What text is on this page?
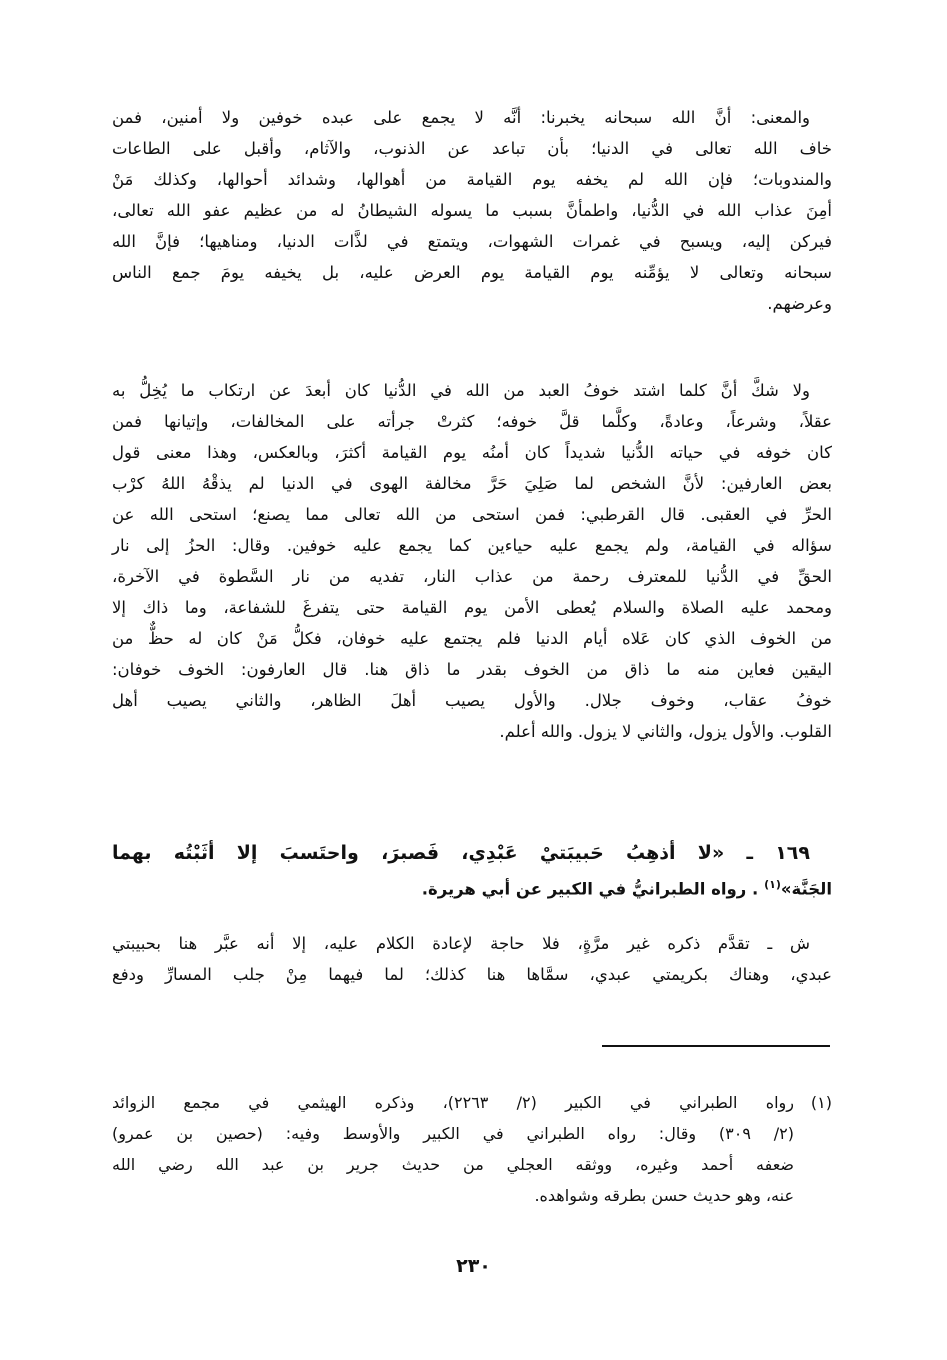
والمعنى: أنَّ الله سبحانه يخبرنا: أنَّه لا يجمع على عبده خوفين ولا أمنين، فمن
خاف الله تعالى في الدنيا؛ بأن تباعد عن الذنوب، والآثام، وأقبل على الطاعات
والمندوبات؛ فإن الله لم يخفه يوم القيامة من أهوالها، وشدائد أحوالها، وكذلك مَنْ
أمِنَ عذاب الله في الدُّنيا، واطمأنَّ بسبب ما يسوله الشيطانُ له من عظيم عفو الله تعالى،
فيركن إليه، ويسبح في غمرات الشهوات، ويتمتع في لذَّات الدنيا، ومناهيها؛ فإنَّ الله
سبحانه وتعالى لا يؤمِّنه يوم القيامة يوم العرض عليه، بل يخيفه يومَ جمع الناس
وعرضهم.
ولا شكَّ أنَّ كلما اشتد خوفُ العبد من الله في الدُّنيا كان أبعدَ عن ارتكاب ما يُخِلُّ به
عقلاً، وشرعاً، وعادةً، وكلَّما قلَّ خوفه؛ كثرتْ جرأته على المخالفات، وإتيانها فمن
كان خوفه في حياته الدُّنيا شديداً كان أمنُه يوم القيامة أكثرَ، وبالعكس، وهذا معنى قول
بعض العارفين: لأنَّ الشخص لما صَلِيَ حَرَّ مخالفة الهوى في الدنيا لم يذقْهُ اللهُ كرْب
الحرِّ في العقبى. قال القرطبي: فمن استحى من الله تعالى مما يصنع؛ استحى الله عن
سؤاله في القيامة، ولم يجمع عليه حياءين كما يجمع عليه خوفين. وقال: الحزُ إلى نار
الحقِّ في الدُّنيا للمعترف رحمة من عذاب النار، تفديه من نار السَّطوة في الآخرة،
ومحمد عليه الصلاة والسلام يُعطى الأمن يوم القيامة حتى يتفرغَ للشفاعة، وما ذاك إلا
من الخوف الذي كان عَلاه أيام الدنيا فلم يجتمع عليه خوفان، فكلُّ مَنْ كان له حظٌّ من
اليقين فعاين منه ما ذاق من الخوف بقدر ما ذاق هنا. قال العارفون: الخوف خوفان:
خوفُ عقاب، وخوف جلال. والأول يصيب أهلَ الظاهر، والثاني يصيب أهل
القلوب. والأول يزول، والثاني لا يزول. والله أعلم.
١٦٩ ـ «لا أذهِبُ حَبيبَتيْ عَبْدِي، فَصبرَ، واحتَسبَ إلا أثَبْتُه بهما
الجَنَّة»$^{(١)}$ . رواه الطبرانيُّ في الكبير عن أبي هريرة.
ش ـ تقدَّم ذكره غير مرَّةٍ، فلا حاجة لإعادة الكلام عليه، إلا أنه عبَّر هنا بحبيبتي
عبدي، وهناك بكريمتي عبدي، سمَّاها هنا كذلك؛ لما فيهما مِنْ جلب المسارِّ ودفع
(١)
رواه الطبراني في الكبير (٢/ ٢٢٦٣)، وذكره الهيثمي في مجمع الزوائد
(٢/ ٣٠٩) وقال: رواه الطبراني في الكبير والأوسط وفيه: (حصين بن عمرو)
ضعفه أحمد وغيره، ووثقه العجلي من حديث جرير بن عبد الله رضي الله
عنه، وهو حديث حسن بطرقه وشواهده.
٢٣٠
